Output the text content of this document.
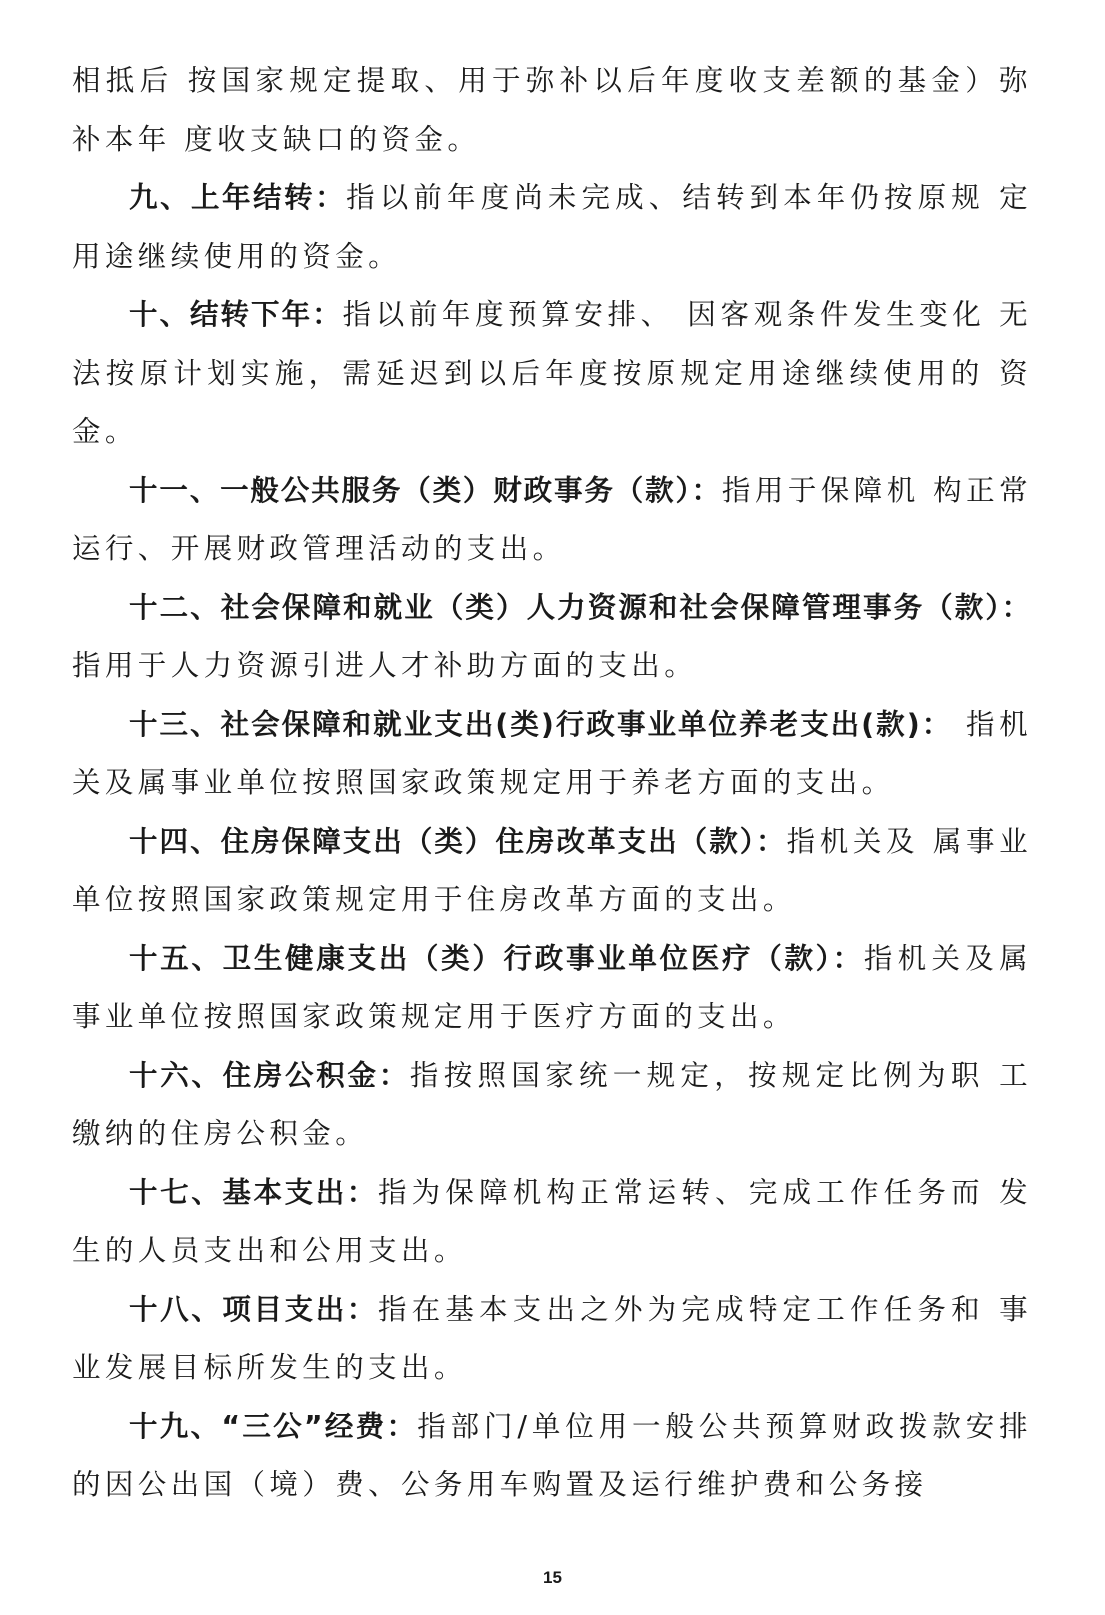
相抵后 按国家规定提取、用于弥补以后年度收支差额的基金）弥补本年 度收支缺口的资金。

九、上年结转：指以前年度尚未完成、结转到本年仍按原规 定用途继续使用的资金。

十、结转下年：指以前年度预算安排、 因客观条件发生变化 无法按原计划实施，需延迟到以后年度按原规定用途继续使用的 资金。

十一、一般公共服务（类）财政事务（款）：指用于保障机 构正常运行、开展财政管理活动的支出。

十二、社会保障和就业（类）人力资源和社会保障管理事务（款）：指用于人力资源引进人才补助方面的支出。

十三、社会保障和就业支出(类)行政事业单位养老支出(款)： 指机关及属事业单位按照国家政策规定用于养老方面的支出。

十四、住房保障支出（类）住房改革支出（款）：指机关及 属事业单位按照国家政策规定用于住房改革方面的支出。

十五、卫生健康支出（类）行政事业单位医疗（款）：指机关及属事业单位按照国家政策规定用于医疗方面的支出。

十六、住房公积金：指按照国家统一规定，按规定比例为职 工缴纳的住房公积金。

十七、基本支出：指为保障机构正常运转、完成工作任务而 发生的人员支出和公用支出。

十八、项目支出：指在基本支出之外为完成特定工作任务和 事业发展目标所发生的支出。

十九、“三公”经费：指部门/单位用一般公共预算财政拨款安排的因公出国（境）费、公务用车购置及运行维护费和公务接

15
